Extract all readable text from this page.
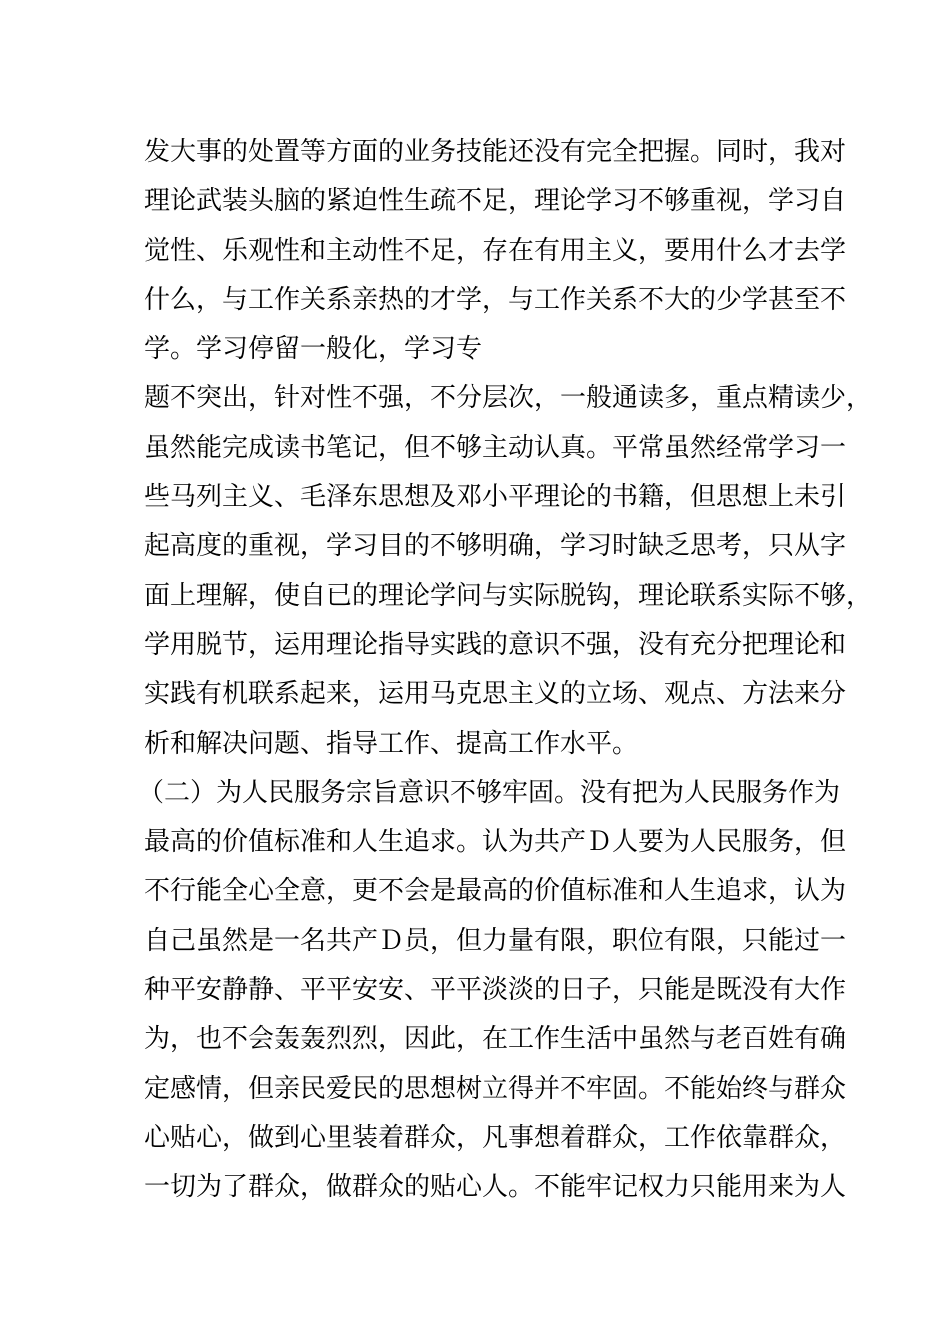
发大事的处置等方面的业务技能还没有完全把握。同时，我对
理论武装头脑的紧迫性生疏不足，理论学习不够重视，学习自
觉性、乐观性和主动性不足，存在有用主义，要用什么才去学
什么，与工作关系亲热的才学，与工作关系不大的少学甚至不
学。学习停留一般化，学习专
题不突出，针对性不强，不分层次，一般通读多，重点精读少，
虽然能完成读书笔记，但不够主动认真。平常虽然经常学习一
些马列主义、毛泽东思想及邓小平理论的书籍，但思想上未引
起高度的重视，学习目的不够明确，学习时缺乏思考，只从字
面上理解，使自已的理论学问与实际脱钩，理论联系实际不够，
学用脱节，运用理论指导实践的意识不强，没有充分把理论和
实践有机联系起来，运用马克思主义的立场、观点、方法来分
析和解决问题、指导工作、提高工作水平。
（二）为人民服务宗旨意识不够牢固。没有把为人民服务作为
最高的价值标准和人生追求。认为共产Ｄ人要为人民服务，但
不行能全心全意，更不会是最高的价值标准和人生追求，认为
自己虽然是一名共产Ｄ员，但力量有限，职位有限，只能过一
种平安静静、平平安安、平平淡淡的日子，只能是既没有大作
为，也不会轰轰烈烈，因此，在工作生活中虽然与老百姓有确
定感情，但亲民爱民的思想树立得并不牢固。不能始终与群众
心贴心，做到心里装着群众，凡事想着群众，工作依靠群众，
一切为了群众，做群众的贴心人。不能牢记权力只能用来为人
